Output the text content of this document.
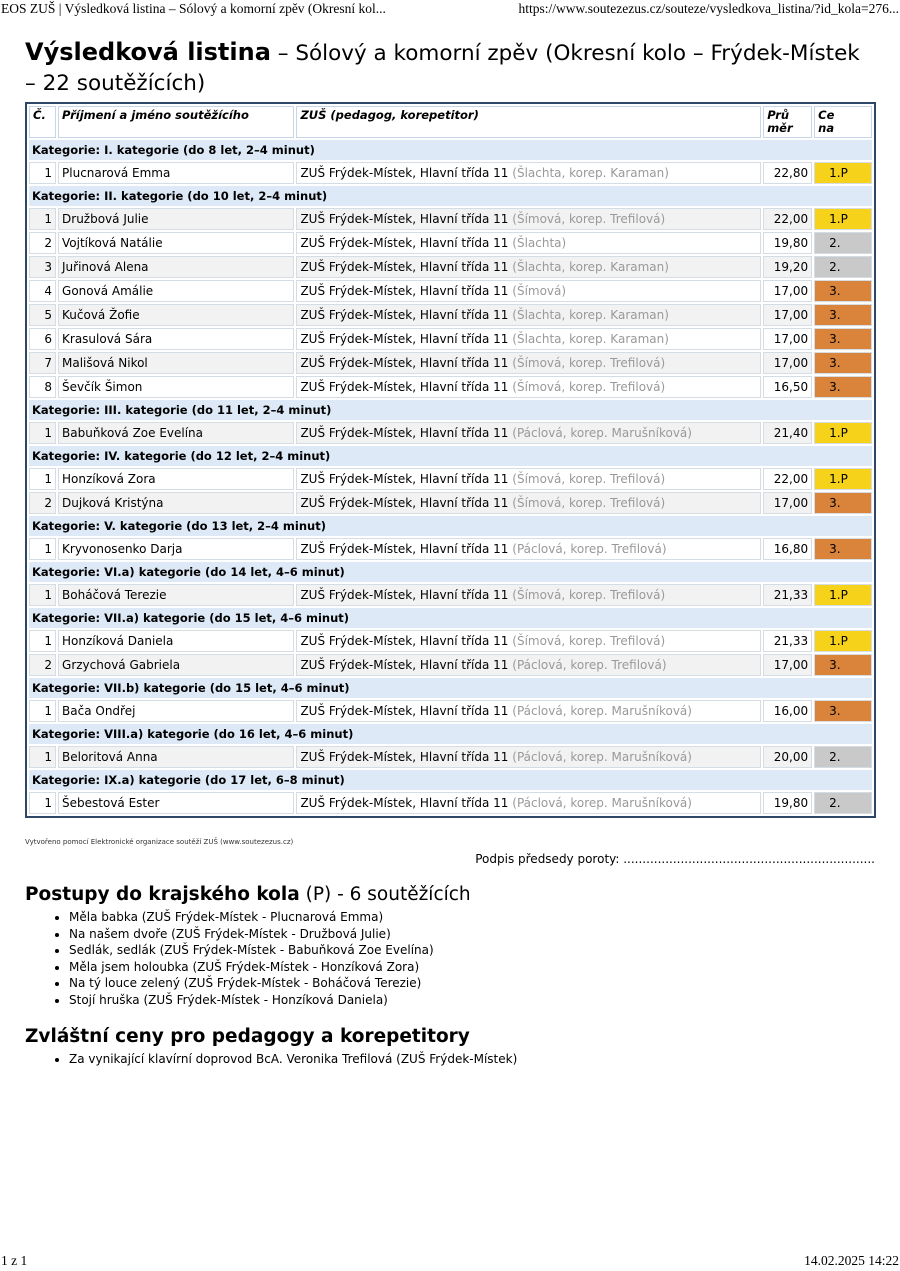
EOS ZUŠ | Výsledková listina – Sólový a komorní zpěv (Okresní kol...	https://www.soutezezus.cz/souteze/vysledkova_listina/?id_kola=276...
Výsledková listina – Sólový a komorní zpěv (Okresní kolo – Frýdek-Místek – 22 soutěžících)
Č.	Příjmení a jméno soutěžícího	ZUŠ (pedagog, korepetitor)	Prů
měr	Ce
na
Kategorie: I. kategorie (do 8 let, 2–4 minut)				
1	Plucnarová Emma	ZUŠ Frýdek-Místek, Hlavní třída 11 (Šlachta, korep. Karaman)	22,80	1.P
Kategorie: II. kategorie (do 10 let, 2–4 minut)				
1	Družbová Julie	ZUŠ Frýdek-Místek, Hlavní třída 11 (Šímová, korep. Trefilová)	22,00	1.P
2	Vojtíková Natálie	ZUŠ Frýdek-Místek, Hlavní třída 11 (Šlachta)	19,80	2.
3	Juřinová Alena	ZUŠ Frýdek-Místek, Hlavní třída 11 (Šlachta, korep. Karaman)	19,20	2.
4	Gonová Amálie	ZUŠ Frýdek-Místek, Hlavní třída 11 (Šímová)	17,00	3.
5	Kučová Žofie	ZUŠ Frýdek-Místek, Hlavní třída 11 (Šlachta, korep. Karaman)	17,00	3.
6	Krasulová Sára	ZUŠ Frýdek-Místek, Hlavní třída 11 (Šlachta, korep. Karaman)	17,00	3.
7	Mališová Nikol	ZUŠ Frýdek-Místek, Hlavní třída 11 (Šímová, korep. Trefilová)	17,00	3.
8	Ševčík Šimon	ZUŠ Frýdek-Místek, Hlavní třída 11 (Šímová, korep. Trefilová)	16,50	3.
Kategorie: III. kategorie (do 11 let, 2–4 minut)				
1	Babuňková Zoe Evelína	ZUŠ Frýdek-Místek, Hlavní třída 11 (Páclová, korep. Marušníková)	21,40	1.P
Kategorie: IV. kategorie (do 12 let, 2–4 minut)				
1	Honzíková Zora	ZUŠ Frýdek-Místek, Hlavní třída 11 (Šímová, korep. Trefilová)	22,00	1.P
2	Dujková Kristýna	ZUŠ Frýdek-Místek, Hlavní třída 11 (Šímová, korep. Trefilová)	17,00	3.
Kategorie: V. kategorie (do 13 let, 2–4 minut)				
1	Kryvonosenko Darja	ZUŠ Frýdek-Místek, Hlavní třída 11 (Páclová, korep. Trefilová)	16,80	3.
Kategorie: VI.a) kategorie (do 14 let, 4–6 minut)				
1	Boháčová Terezie	ZUŠ Frýdek-Místek, Hlavní třída 11 (Šímová, korep. Trefilová)	21,33	1.P
Kategorie: VII.a) kategorie (do 15 let, 4–6 minut)				
1	Honzíková Daniela	ZUŠ Frýdek-Místek, Hlavní třída 11 (Šímová, korep. Trefilová)	21,33	1.P
2	Grzychová Gabriela	ZUŠ Frýdek-Místek, Hlavní třída 11 (Páclová, korep. Trefilová)	17,00	3.
Kategorie: VII.b) kategorie (do 15 let, 4–6 minut)				
1	Bača Ondřej	ZUŠ Frýdek-Místek, Hlavní třída 11 (Páclová, korep. Marušníková)	16,00	3.
Kategorie: VIII.a) kategorie (do 16 let, 4–6 minut)				
1	Beloritová Anna	ZUŠ Frýdek-Místek, Hlavní třída 11 (Páclová, korep. Marušníková)	20,00	2.
Kategorie: IX.a) kategorie (do 17 let, 6–8 minut)				
1	Šebestová Ester	ZUŠ Frýdek-Místek, Hlavní třída 11 (Páclová, korep. Marušníková)	19,80	2.
Vytvořeno pomocí Elektronické organizace soutěží ZUŠ (www.soutezezus.cz)
Podpis předsedy poroty: ..................................................................
Postupy do krajského kola (P) - 6 soutěžících
• Měla babka (ZUŠ Frýdek-Místek - Plucnarová Emma)
• Na našem dvoře (ZUŠ Frýdek-Místek - Družbová Julie)
• Sedlák, sedlák (ZUŠ Frýdek-Místek - Babuňková Zoe Evelína)
• Měla jsem holoubka (ZUŠ Frýdek-Místek - Honzíková Zora)
• Na tý louce zelený (ZUŠ Frýdek-Místek - Boháčová Terezie)
• Stojí hruška (ZUŠ Frýdek-Místek - Honzíková Daniela)
Zvláštní ceny pro pedagogy a korepetitory
• Za vynikající klavírní doprovod BcA. Veronika Trefilová (ZUŠ Frýdek-Místek)
1 z 1	14.02.2025 14:22
